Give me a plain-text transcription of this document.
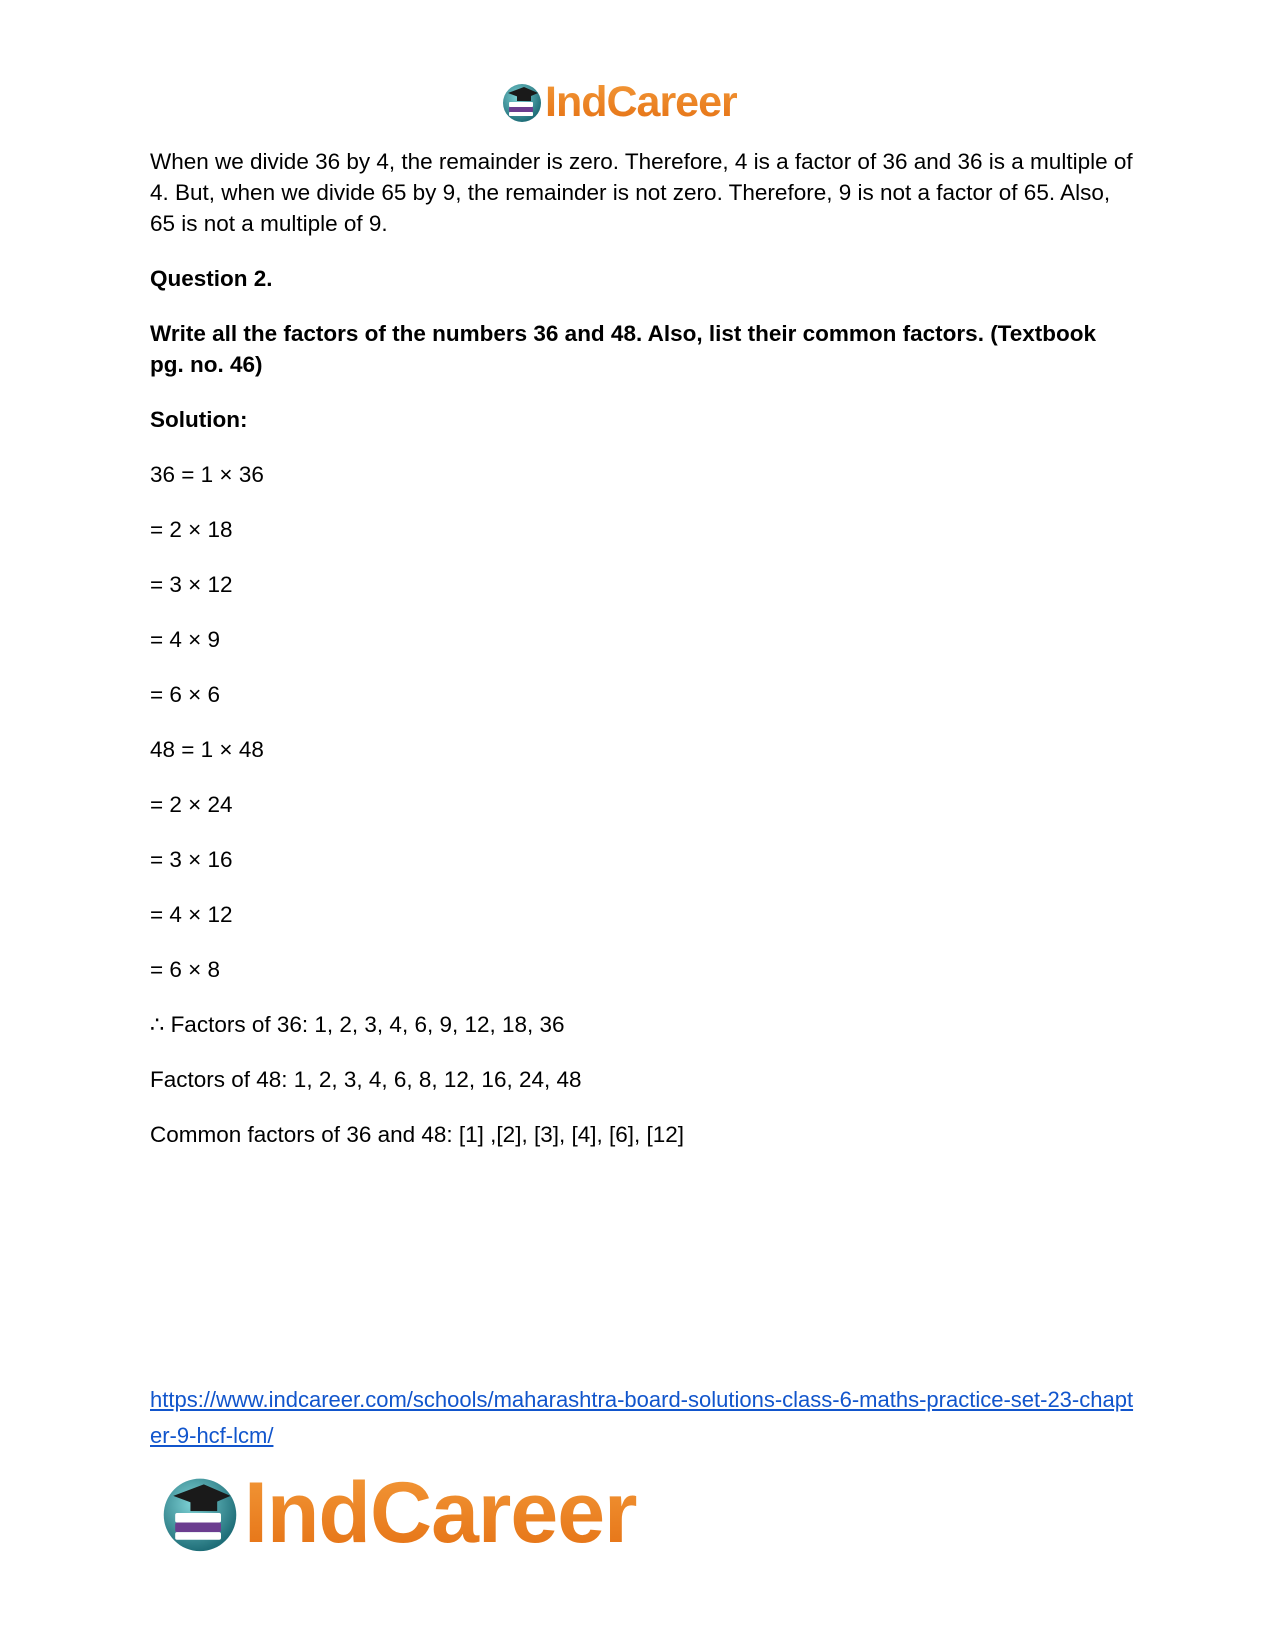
IndCareer

When we divide 36 by 4, the remainder is zero. Therefore, 4 is a factor of 36 and 36 is a multiple of 4. But, when we divide 65 by 9, the remainder is not zero. Therefore, 9 is not a factor of 65. Also, 65 is not a multiple of 9.

Question 2.

Write all the factors of the numbers 36 and 48. Also, list their common factors. (Textbook pg. no. 46)

Solution:

36 = 1 × 36

= 2 × 18

= 3 × 12

= 4 × 9

= 6 × 6

48 = 1 × 48

= 2 × 24

= 3 × 16

= 4 × 12

= 6 × 8

∴ Factors of 36: 1, 2, 3, 4, 6, 9, 12, 18, 36

Factors of 48: 1, 2, 3, 4, 6, 8, 12, 16, 24, 48

Common factors of 36 and 48: [1] ,[2], [3], [4], [6], [12]

https://www.indcareer.com/schools/maharashtra-board-solutions-class-6-maths-practice-set-23-chapter-9-hcf-lcm/
IndCareer
